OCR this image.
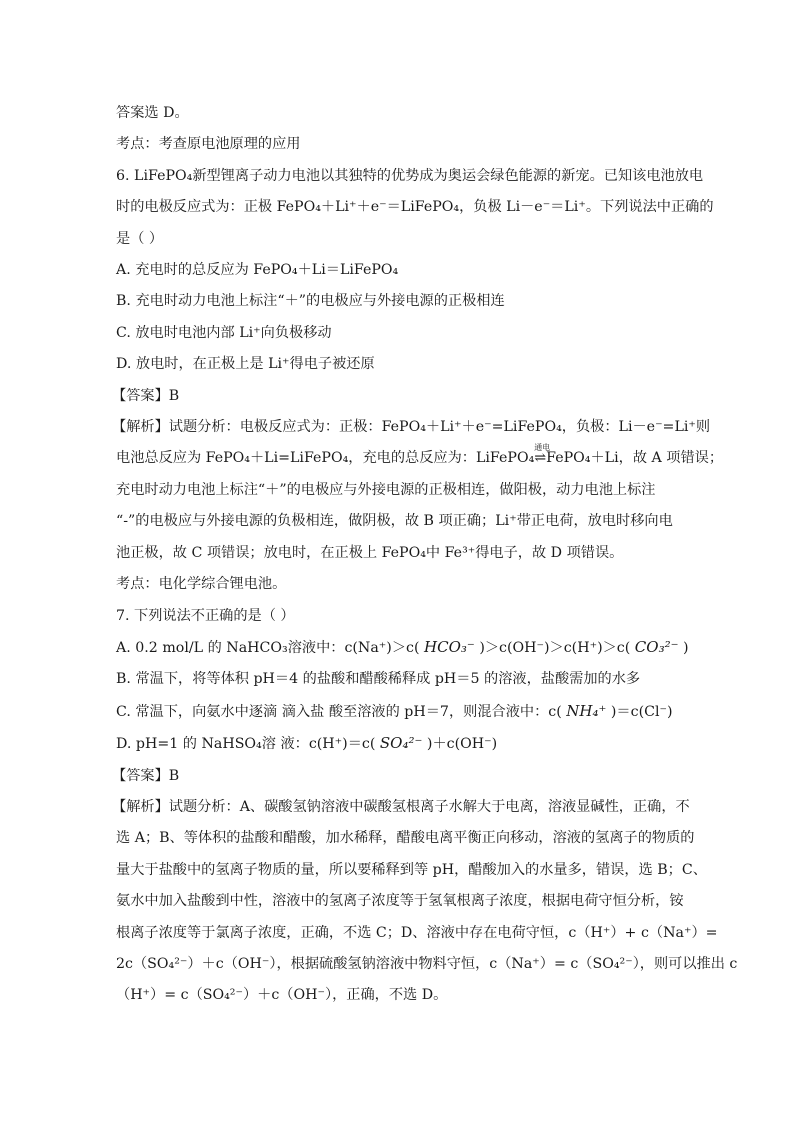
答案选 D。
考点：考查原电池原理的应用
6. LiFePO₄新型锂离子动力电池以其独特的优势成为奥运会绿色能源的新宠。已知该电池放电
时的电极反应式为：正极 FePO₄＋Li⁺＋e⁻＝LiFePO₄，负极 Li－e⁻＝Li⁺。下列说法中正确的
是（ ）
A. 充电时的总反应为 FePO₄＋Li＝LiFePO₄
B. 充电时动力电池上标注“＋”的电极应与外接电源的正极相连
C. 放电时电池内部 Li⁺向负极移动
D. 放电时，在正极上是 Li⁺得电子被还原
【答案】B
【解析】试题分析：电极反应式为：正极：FePO₄＋Li⁺＋e⁻=LiFePO₄，负极：Li－e⁻=Li⁺则
电池总反应为 FePO₄＋Li=LiFePO₄，充电的总反应为：LiFePO₄
通电
⇌FePO₄＋Li，故 A 项错误；
充电时动力电池上标注“＋”的电极应与外接电源的正极相连，做阳极，动力电池上标注
“-”的电极应与外接电源的负极相连，做阴极，故 B 项正确；Li⁺带正电荷，放电时移向电
池正极，故 C 项错误；放电时，在正极上 FePO₄中 Fe³⁺得电子，故 D 项错误。
考点：电化学综合锂电池。
7. 下列说法不正确的是（ ）
A. 0.2 mol/L 的 NaHCO₃溶液中：c(Na⁺)＞c( HCO₃⁻ )＞c(OH⁻)＞c(H⁺)＞c( CO₃²⁻ )
B. 常温下，将等体积 pH＝4 的盐酸和醋酸稀释成 pH＝5 的溶液，盐酸需加的水多
C. 常温下，向氨水中逐滴 滴入盐 酸至溶液的 pH＝7，则混合液中：c( NH₄⁺ )＝c(Cl⁻)
D. pH=1 的 NaHSO₄溶 液：c(H⁺)＝c( SO₄²⁻ )＋c(OH⁻)
【答案】B
【解析】试题分析：A、碳酸氢钠溶液中碳酸氢根离子水解大于电离，溶液显碱性，正确，不
选 A；B、等体积的盐酸和醋酸，加水稀释，醋酸电离平衡正向移动，溶液的氢离子的物质的
量大于盐酸中的氢离子物质的量，所以要稀释到等 pH，醋酸加入的水量多，错误，选 B；C、
氨水中加入盐酸到中性，溶液中的氢离子浓度等于氢氧根离子浓度，根据电荷守恒分析，铵
根离子浓度等于氯离子浓度，正确，不选 C；D、溶液中存在电荷守恒，c（H⁺）+ c（Na⁺）=
2c（SO₄²⁻）＋c（OH⁻），根据硫酸氢钠溶液中物料守恒，c（Na⁺）= c（SO₄²⁻），则可以推出 c
（H⁺）= c（SO₄²⁻）＋c（OH⁻），正确，不选 D。
